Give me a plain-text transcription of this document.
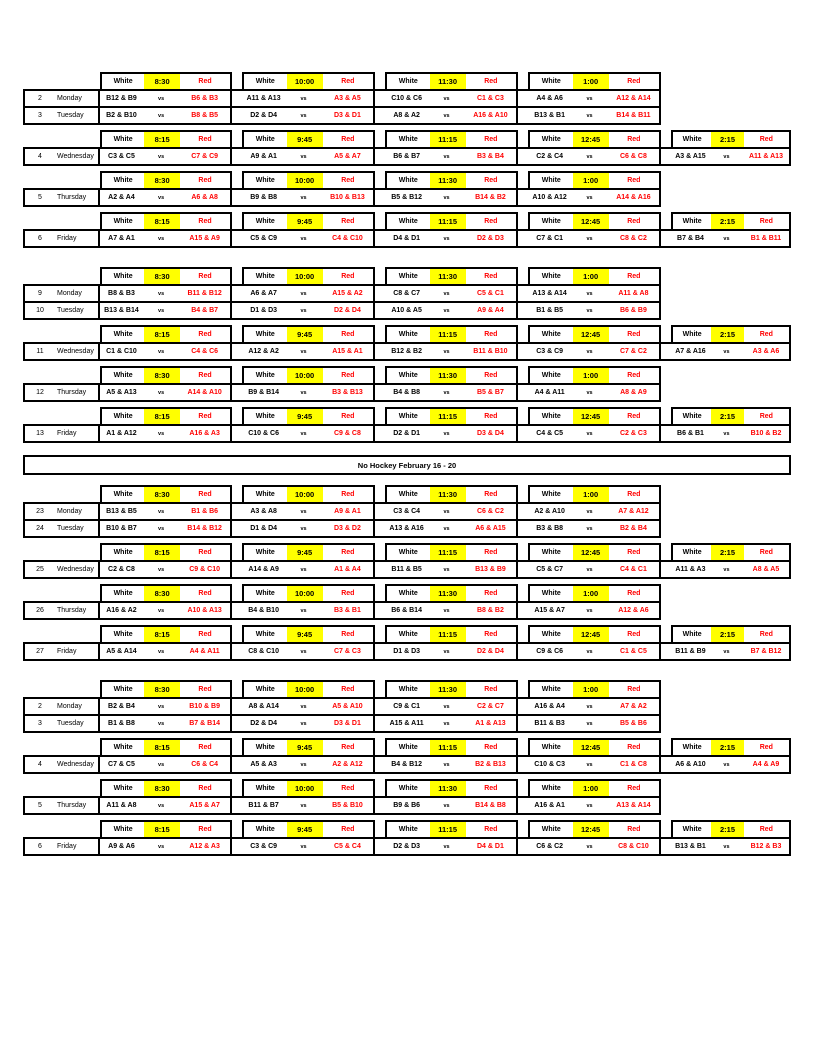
White	8:30	Red	White	10:00	Red	White	11:30	Red	White	1:00	Red
2	Monday	B12 & B9	vs	B6 & B3	A11 & A13	vs	A3 & A5	C10 & C6	vs	C1 & C3	A4 & A6	vs	A12 & A14
3	Tuesday	B2 & B10	vs	B8 & B5	D2 & D4	vs	D3 & D1	A8 & A2	vs	A16 & A10	B13 & B1	vs	B14 & B11
White	8:15	Red	White	9:45	Red	White	11:15	Red	White	12:45	Red	White	2:15	Red
4	Wednesday	C3 & C5	vs	C7 & C9	A9 & A1	vs	A5 & A7	B6 & B7	vs	B3 & B4	C2 & C4	vs	C6 & C8	A3 & A15	vs	A11 & A13
White	8:30	Red	White	10:00	Red	White	11:30	Red	White	1:00	Red
5	Thursday	A2 & A4	vs	A6 & A8	B9 & B8	vs	B10 & B13	B5 & B12	vs	B14 & B2	A10 & A12	vs	A14 & A16
White	8:15	Red	White	9:45	Red	White	11:15	Red	White	12:45	Red	White	2:15	Red
6	Friday	A7 & A1	vs	A15 & A9	C5 & C9	vs	C4 & C10	D4 & D1	vs	D2 & D3	C7 & C1	vs	C8 & C2	B7 & B4	vs	B1 & B11
White	8:30	Red	White	10:00	Red	White	11:30	Red	White	1:00	Red
9	Monday	B8 & B3	vs	B11 & B12	A6 & A7	vs	A15 & A2	C8 & C7	vs	C5 & C1	A13 & A14	vs	A11 & A8
10	Tuesday	B13 & B14	vs	B4 & B7	D1 & D3	vs	D2 & D4	A10 & A5	vs	A9 & A4	B1 & B5	vs	B6 & B9
White	8:15	Red	White	9:45	Red	White	11:15	Red	White	12:45	Red	White	2:15	Red
11	Wednesday	C1 & C10	vs	C4 & C6	A12 & A2	vs	A15 & A1	B12 & B2	vs	B11 & B10	C3 & C9	vs	C7 & C2	A7 & A16	vs	A3 & A6
White	8:30	Red	White	10:00	Red	White	11:30	Red	White	1:00	Red
12	Thursday	A5 & A13	vs	A14 & A10	B9 & B14	vs	B3 & B13	B4 & B8	vs	B5 & B7	A4 & A11	vs	A8 & A9
White	8:15	Red	White	9:45	Red	White	11:15	Red	White	12:45	Red	White	2:15	Red
13	Friday	A1 & A12	vs	A16 & A3	C10 & C6	vs	C9 & C8	D2 & D1	vs	D3 & D4	C4 & C5	vs	C2 & C3	B6 & B1	vs	B10 & B2
No Hockey February 16 - 20
White	8:30	Red	White	10:00	Red	White	11:30	Red	White	1:00	Red
23	Monday	B13 & B5	vs	B1 & B6	A3 & A8	vs	A9 & A1	C3 & C4	vs	C6 & C2	A2 & A10	vs	A7 & A12
24	Tuesday	B10 & B7	vs	B14 & B12	D1 & D4	vs	D3 & D2	A13 & A16	vs	A6 & A15	B3 & B8	vs	B2 & B4
White	8:15	Red	White	9:45	Red	White	11:15	Red	White	12:45	Red	White	2:15	Red
25	Wednesday	C2 & C8	vs	C9 & C10	A14 & A9	vs	A1 & A4	B11 & B5	vs	B13 & B9	C5 & C7	vs	C4 & C1	A11 & A3	vs	A8 & A5
White	8:30	Red	White	10:00	Red	White	11:30	Red	White	1:00	Red
26	Thursday	A16 & A2	vs	A10 & A13	B4 & B10	vs	B3 & B1	B6 & B14	vs	B8 & B2	A15 & A7	vs	A12 & A6
White	8:15	Red	White	9:45	Red	White	11:15	Red	White	12:45	Red	White	2:15	Red
27	Friday	A5 & A14	vs	A4 & A11	C8 & C10	vs	C7 & C3	D1 & D3	vs	D2 & D4	C9 & C6	vs	C1 & C5	B11 & B9	vs	B7 & B12
White	8:30	Red	White	10:00	Red	White	11:30	Red	White	1:00	Red
2	Monday	B2 & B4	vs	B10 & B9	A8 & A14	vs	A5 & A10	C9 & C1	vs	C2 & C7	A16 & A4	vs	A7 & A2
3	Tuesday	B1 & B8	vs	B7 & B14	D2 & D4	vs	D3 & D1	A15 & A11	vs	A1 & A13	B11 & B3	vs	B5 & B6
White	8:15	Red	White	9:45	Red	White	11:15	Red	White	12:45	Red	White	2:15	Red
4	Wednesday	C7 & C5	vs	C6 & C4	A5 & A3	vs	A2 & A12	B4 & B12	vs	B2 & B13	C10 & C3	vs	C1 & C8	A6 & A10	vs	A4 & A9
White	8:30	Red	White	10:00	Red	White	11:30	Red	White	1:00	Red
5	Thursday	A11 & A8	vs	A15 & A7	B11 & B7	vs	B5 & B10	B9 & B6	vs	B14 & B8	A16 & A1	vs	A13 & A14
White	8:15	Red	White	9:45	Red	White	11:15	Red	White	12:45	Red	White	2:15	Red
6	Friday	A9 & A6	vs	A12 & A3	C3 & C9	vs	C5 & C4	D2 & D3	vs	D4 & D1	C6 & C2	vs	C8 & C10	B13 & B1	vs	B12 & B3
